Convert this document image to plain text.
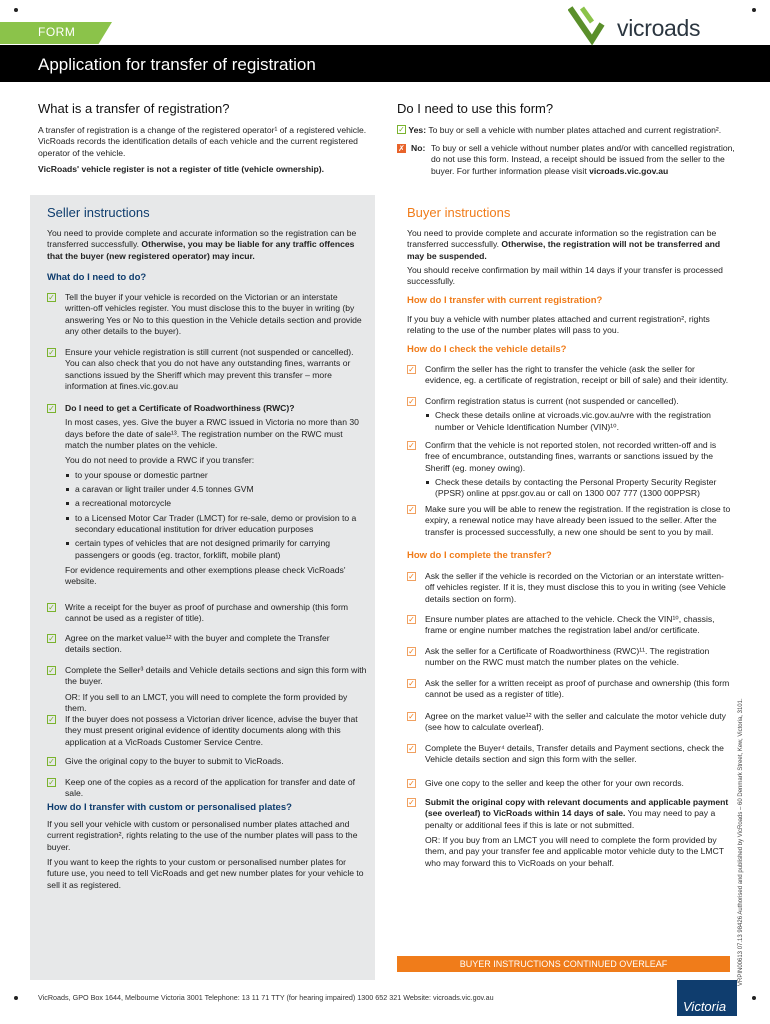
FORM
Application for transfer of registration
vicroads
What is a transfer of registration?
A transfer of registration is a change of the registered operator¹ of a registered vehicle. VicRoads records the identification details of each vehicle and the current registered operator of the vehicle.
VicRoads' vehicle register is not a register of title (vehicle ownership).
Do I need to use this form?
✓ Yes: To buy or sell a vehicle with number plates attached and current registration².
✗ No: To buy or sell a vehicle without number plates and/or with cancelled registration, do not use this form. Instead, a receipt should be issued from the seller to the buyer. For further information please visit vicroads.vic.gov.au
Seller instructions
You need to provide complete and accurate information so the registration can be transferred successfully. Otherwise, you may be liable for any traffic offences that the buyer (new registered operator) may incur.
What do I need to do?
✓ Tell the buyer if your vehicle is recorded on the Victorian or an interstate written-off vehicles register. You must disclose this to the buyer in writing (by answering Yes or No to this question in the Vehicle details section and provide any other details to the buyer).
✓ Ensure your vehicle registration is still current (not suspended or cancelled). You can also check that you do not have any outstanding fines, warrants or sanctions issued by the Sheriff which may prevent this transfer – more information at fines.vic.gov.au
✓ Do I need to get a Certificate of Roadworthiness (RWC)?
In most cases, yes. Give the buyer a RWC issued in Victoria no more than 30 days before the date of sale¹³. The registration number on the RWC must match the number plates on the vehicle.
You do not need to provide a RWC if you transfer:
to your spouse or domestic partner
a caravan or light trailer under 4.5 tonnes GVM
a recreational motorcycle
to a Licensed Motor Car Trader (LMCT) for re-sale, demo or provision to a secondary educational institution for driver education purposes
certain types of vehicles that are not designed primarily for carrying passengers or goods (eg. tractor, forklift, mobile plant)
For evidence requirements and other exemptions please check VicRoads' website.
✓ Write a receipt for the buyer as proof of purchase and ownership (this form cannot be used as a register of title).
✓ Agree on the market value¹² with the buyer and complete the Transfer details section.
✓ Complete the Seller³ details and Vehicle details sections and sign this form with the buyer.
OR: If you sell to an LMCT, you will need to complete the form provided by them.
✓ If the buyer does not possess a Victorian driver licence, advise the buyer that they must present original evidence of identity documents along with this application at a VicRoads Customer Service Centre.
✓ Give the original copy to the buyer to submit to VicRoads.
✓ Keep one of the copies as a record of the application for transfer and date of sale.
How do I transfer with custom or personalised plates?
If you sell your vehicle with custom or personalised number plates attached and current registration², rights relating to the use of the number plates will pass to the buyer.
If you want to keep the rights to your custom or personalised number plates for future use, you need to tell VicRoads and get new number plates for your vehicle to sell it as registered.
Buyer instructions
You need to provide complete and accurate information so the registration can be transferred successfully. Otherwise, the registration will not be transferred and may be suspended.
You should receive confirmation by mail within 14 days if your transfer is processed successfully.
How do I transfer with current registration?
If you buy a vehicle with number plates attached and current registration², rights relating to the use of the number plates will pass to you.
How do I check the vehicle details?
✓ Confirm the seller has the right to transfer the vehicle (ask the seller for evidence, eg. a certificate of registration, receipt or bill of sale) and their identity.
✓ Confirm registration status is current (not suspended or cancelled).
Check these details online at vicroads.vic.gov.au/vre with the registration number or Vehicle Identification Number (VIN)¹⁰.
✓ Confirm that the vehicle is not reported stolen, not recorded written-off and is free of encumbrance, outstanding fines, warrants or sanctions issued by the Sheriff (eg. money owing).
Check these details by contacting the Personal Property Security Register (PPSR) online at ppsr.gov.au or call on 1300 007 777 (1300 00PPSR)
✓ Make sure you will be able to renew the registration. If the registration is close to expiry, a renewal notice may have already been issued to the seller. After the transfer is processed successfully, a new one should be sent to you by mail.
How do I complete the transfer?
✓ Ask the seller if the vehicle is recorded on the Victorian or an interstate written-off vehicles register. If it is, they must disclose this to you in writing (see Vehicle details section on form).
✓ Ensure number plates are attached to the vehicle. Check the VIN¹⁰, chassis, frame or engine number matches the registration label and/or certificate.
✓ Ask the seller for a Certificate of Roadworthiness (RWC)¹¹. The registration number on the RWC must match the number plates on the vehicle.
✓ Ask the seller for a written receipt as proof of purchase and ownership (this form cannot be used as a register of title).
✓ Agree on the market value¹² with the seller and calculate the motor vehicle duty (see how to calculate overleaf).
✓ Complete the Buyer⁴ details, Transfer details and Payment sections, check the Vehicle details section and sign this form with the seller.
✓ Give one copy to the seller and keep the other for your own records.
✓ Submit the original copy with relevant documents and applicable payment (see overleaf) to VicRoads within 14 days of sale. You may need to pay a penalty or additional fees if this is late or not submitted.
OR: If you buy from an LMCT you will need to complete the form provided by them, and pay your transfer fee and applicable motor vehicle duty to the LMCT who may forward this to VicRoads on your behalf.
BUYER INSTRUCTIONS CONTINUED OVERLEAF	VRPIN00613 07.13 98426 Authorised and published by VicRoads – 60 Denmark Street, Kew, Victoria, 3101.
VicRoads, GPO Box 1644, Melbourne Victoria 3001 Telephone: 13 11 71 TTY (for hearing impaired) 1300 652 321 Website: vicroads.vic.gov.au
Victoria
